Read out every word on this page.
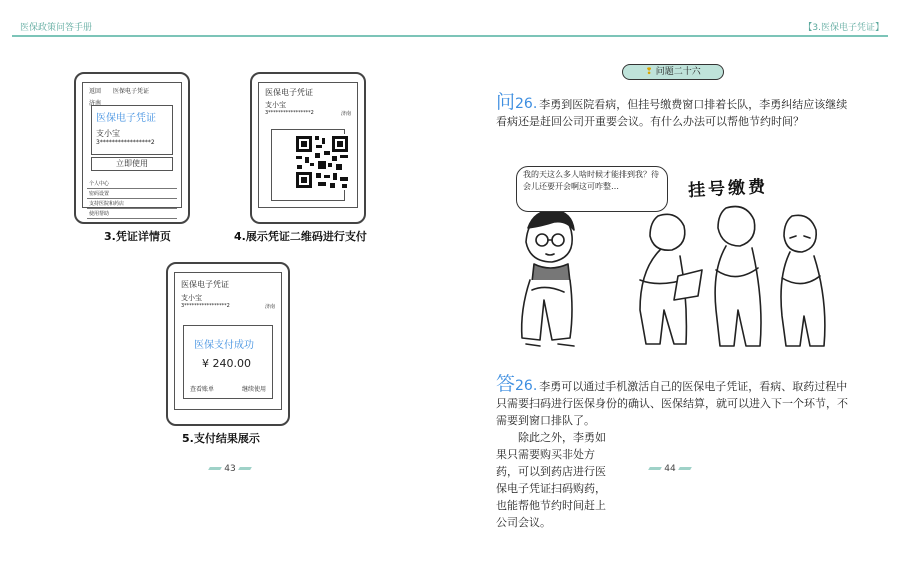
医保政策问答手册	【3.医保电子凭证】
返回 医保电子凭证
济南
医保电子凭证
支小宝
3*****************2
立即使用
个人中心
密码设置
支持医院和药店
使用帮助
3.凭证详情页
医保电子凭证
支小宝
3*****************2	济南
4.展示凭证二维码进行支付
医保电子凭证
支小宝
3*****************2	济南
医保支付成功
¥ 240.00
查看账单	继续使用
5.支付结果展示
43
❢ 问题二十六
问26. 李勇到医院看病，但挂号缴费窗口排着长队，李勇纠结应该继续看病还是赶回公司开重要会议。有什么办法可以帮他节约时间？
我的天这么多人啥时候才能排到我？待会儿还要开会啊这可咋整…	挂号缴费

答26. 李勇可以通过手机激活自己的医保电子凭证，看病、取药过程中只需要扫码进行医保身份的确认、医保结算，就可以进入下一个环节，不需要到窗口排队了。

除此之外，李勇如果只需要购买非处方药，可以到药店进行医保电子凭证扫码购药，也能帮他节约时间赶上公司会议。

44
